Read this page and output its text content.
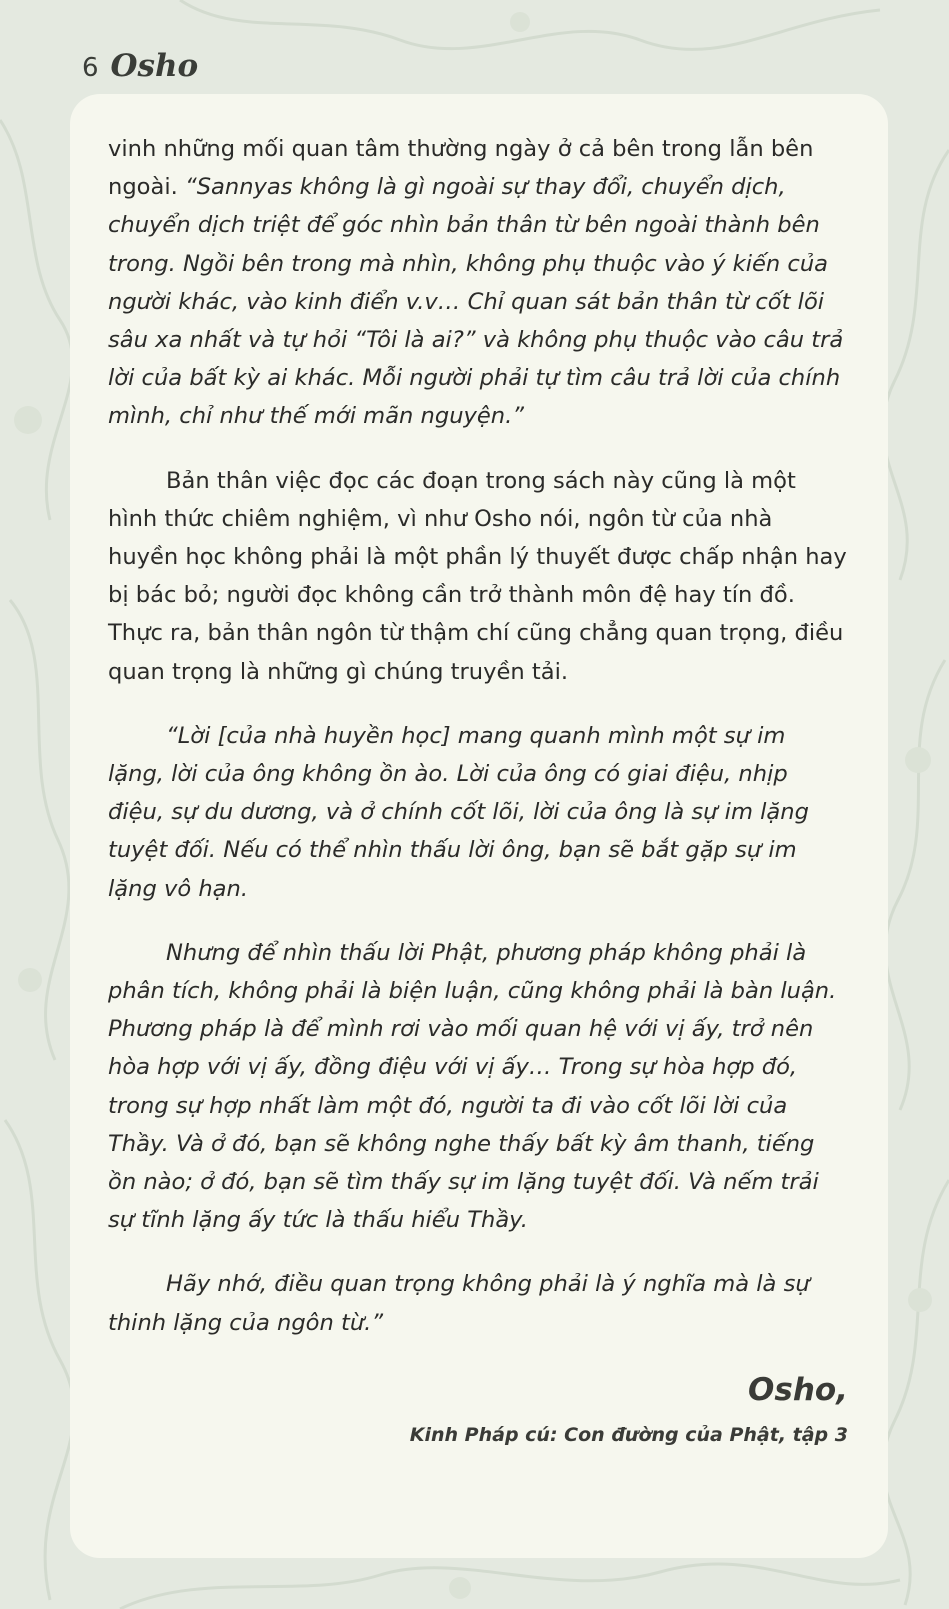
6 Osho

vinh những mối quan tâm thường ngày ở cả bên trong lẫn bên ngoài. “Sannyas không là gì ngoài sự thay đổi, chuyển dịch, chuyển dịch triệt để góc nhìn bản thân từ bên ngoài thành bên trong. Ngồi bên trong mà nhìn, không phụ thuộc vào ý kiến của người khác, vào kinh điển v.v… Chỉ quan sát bản thân từ cốt lõi sâu xa nhất và tự hỏi “Tôi là ai?” và không phụ thuộc vào câu trả lời của bất kỳ ai khác. Mỗi người phải tự tìm câu trả lời của chính mình, chỉ như thế mới mãn nguyện.”

Bản thân việc đọc các đoạn trong sách này cũng là một hình thức chiêm nghiệm, vì như Osho nói, ngôn từ của nhà huyền học không phải là một phần lý thuyết được chấp nhận hay bị bác bỏ; người đọc không cần trở thành môn đệ hay tín đồ. Thực ra, bản thân ngôn từ thậm chí cũng chẳng quan trọng, điều quan trọng là những gì chúng truyền tải.

“Lời [của nhà huyền học] mang quanh mình một sự im lặng, lời của ông không ồn ào. Lời của ông có giai điệu, nhịp điệu, sự du dương, và ở chính cốt lõi, lời của ông là sự im lặng tuyệt đối. Nếu có thể nhìn thấu lời ông, bạn sẽ bắt gặp sự im lặng vô hạn.

Nhưng để nhìn thấu lời Phật, phương pháp không phải là phân tích, không phải là biện luận, cũng không phải là bàn luận. Phương pháp là để mình rơi vào mối quan hệ với vị ấy, trở nên hòa hợp với vị ấy, đồng điệu với vị ấy… Trong sự hòa hợp đó, trong sự hợp nhất làm một đó, người ta đi vào cốt lõi lời của Thầy. Và ở đó, bạn sẽ không nghe thấy bất kỳ âm thanh, tiếng ồn nào; ở đó, bạn sẽ tìm thấy sự im lặng tuyệt đối. Và nếm trải sự tĩnh lặng ấy tức là thấu hiểu Thầy.

Hãy nhớ, điều quan trọng không phải là ý nghĩa mà là sự thinh lặng của ngôn từ.”

Osho,
Kinh Pháp cú: Con đường của Phật, tập 3
